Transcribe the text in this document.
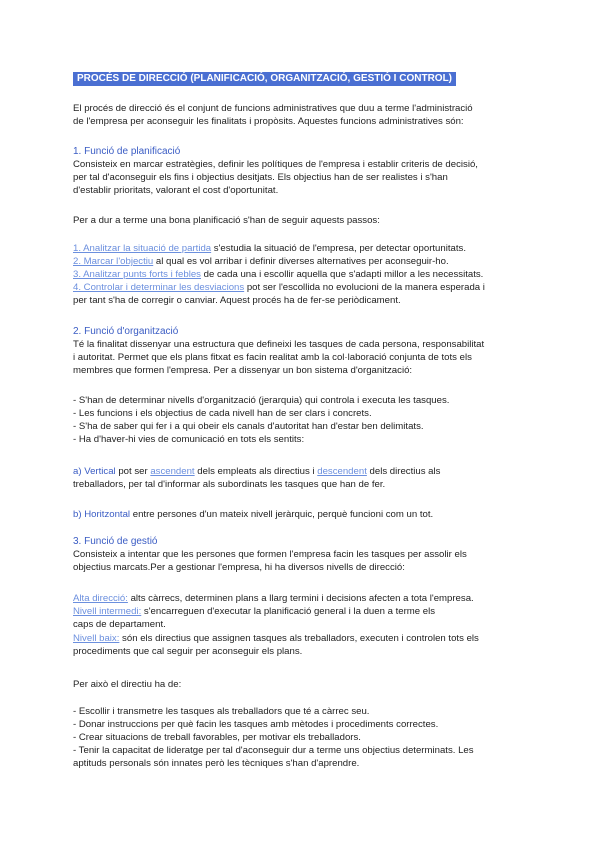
PROCÉS DE DIRECCIÓ (PLANIFICACIÓ, ORGANITZACIÓ, GESTIÓ I CONTROL)
El procés de direcció és el conjunt de funcions administratives que duu a terme l'administració
de l'empresa per aconseguir les finalitats i propòsits. Aquestes funcions administratives són:
1. Funció de planificació
Consisteix en marcar estratègies, definir les polítiques de l'empresa i establir criteris de decisió,
per tal d'aconseguir els fins i objectius desitjats. Els objectius han de ser realistes i s'han
d'establir prioritats, valorant el cost d'oportunitat.
Per a dur a terme una bona planificació s'han de seguir aquests passos:
1. Analitzar la situació de partida s'estudia la situació de l'empresa, per detectar oportunitats.
2. Marcar l'objectiu al qual es vol arribar i definir diverses alternatives per aconseguir-ho.
3. Analitzar punts forts i febles de cada una i escollir aquella que s'adapti millor a les necessitats.
4. Controlar i determinar les desviacions pot ser l'escollida no evolucioni de la manera esperada i
per tant s'ha de corregir o canviar. Aquest procés ha de fer-se periòdicament.
2. Funció d'organització
Té la finalitat dissenyar una estructura que defineixi les tasques de cada persona, responsabilitat
i autoritat. Permet que els plans fitxat es facin realitat amb la col·laboració conjunta de tots els
membres que formen l'empresa. Per a dissenyar un bon sistema d'organització:
- S'han de determinar nivells d'organització (jerarquia) qui controla i executa les tasques.
- Les funcions i els objectius de cada nivell han de ser clars i concrets.
- S'ha de saber qui fer i a qui obeir els canals d'autoritat han d'estar ben delimitats.
- Ha d'haver-hi vies de comunicació en tots els sentits:
a) Vertical pot ser ascendent dels empleats als directius i descendent dels directius als
treballadors, per tal d'informar als subordinats les tasques que han de fer.
b) Horitzontal entre persones d'un mateix nivell jeràrquic, perquè funcioni com un tot.
3. Funció de gestió
Consisteix a intentar que les persones que formen l'empresa facin les tasques per assolir els
objectius marcats.Per a gestionar l'empresa, hi ha diversos nivells de direcció:
Alta direcció: alts càrrecs, determinen plans a llarg termini i decisions afecten a tota l'empresa.
Nivell intermedi: s'encarreguen d'executar la planificació general i la duen a terme els
caps de departament.
Nivell baix: són els directius que assignen tasques als treballadors, executen i controlen tots els
procediments que cal seguir per aconseguir els plans.
Per això el directiu ha de:
- Escollir i transmetre les tasques als treballadors que té a càrrec seu.
- Donar instruccions per què facin les tasques amb mètodes i procediments correctes.
- Crear situacions de treball favorables, per motivar els treballadors.
- Tenir la capacitat de lideratge per tal d'aconseguir dur a terme uns objectius determinats. Les
aptituds personals són innates però les tècniques s'han d'aprendre.
